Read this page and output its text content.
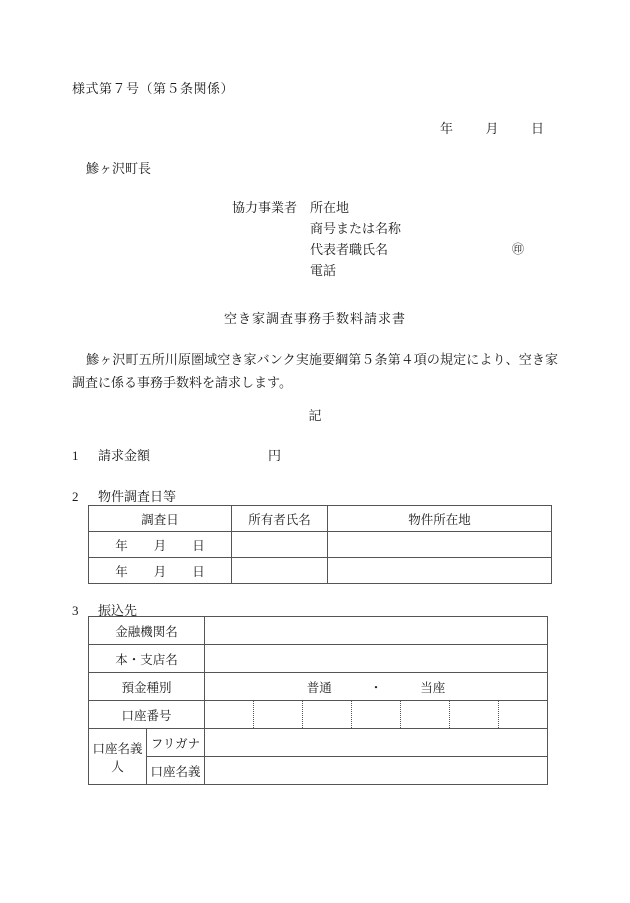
様式第７号（第５条関係）
年	月	日
鰺ヶ沢町長
協力事業者 所在地
商号または名称
代表者職氏名	㊞
電話
空き家調査事務手数料請求書
鰺ヶ沢町五所川原圏域空き家バンク実施要綱第５条第４項の規定により、空き家調査に係る事務手数料を請求します。
記
1 請求金額	円
2 物件調査日等
調査日	所有者氏名	物件所在地
年 月 日		
年 月 日		
3 振込先
金融機関名		
本・支店名		
預金種別		普通 ・ 当座
口座番号		

口座名義人	フリガナ	
	口座名義	
